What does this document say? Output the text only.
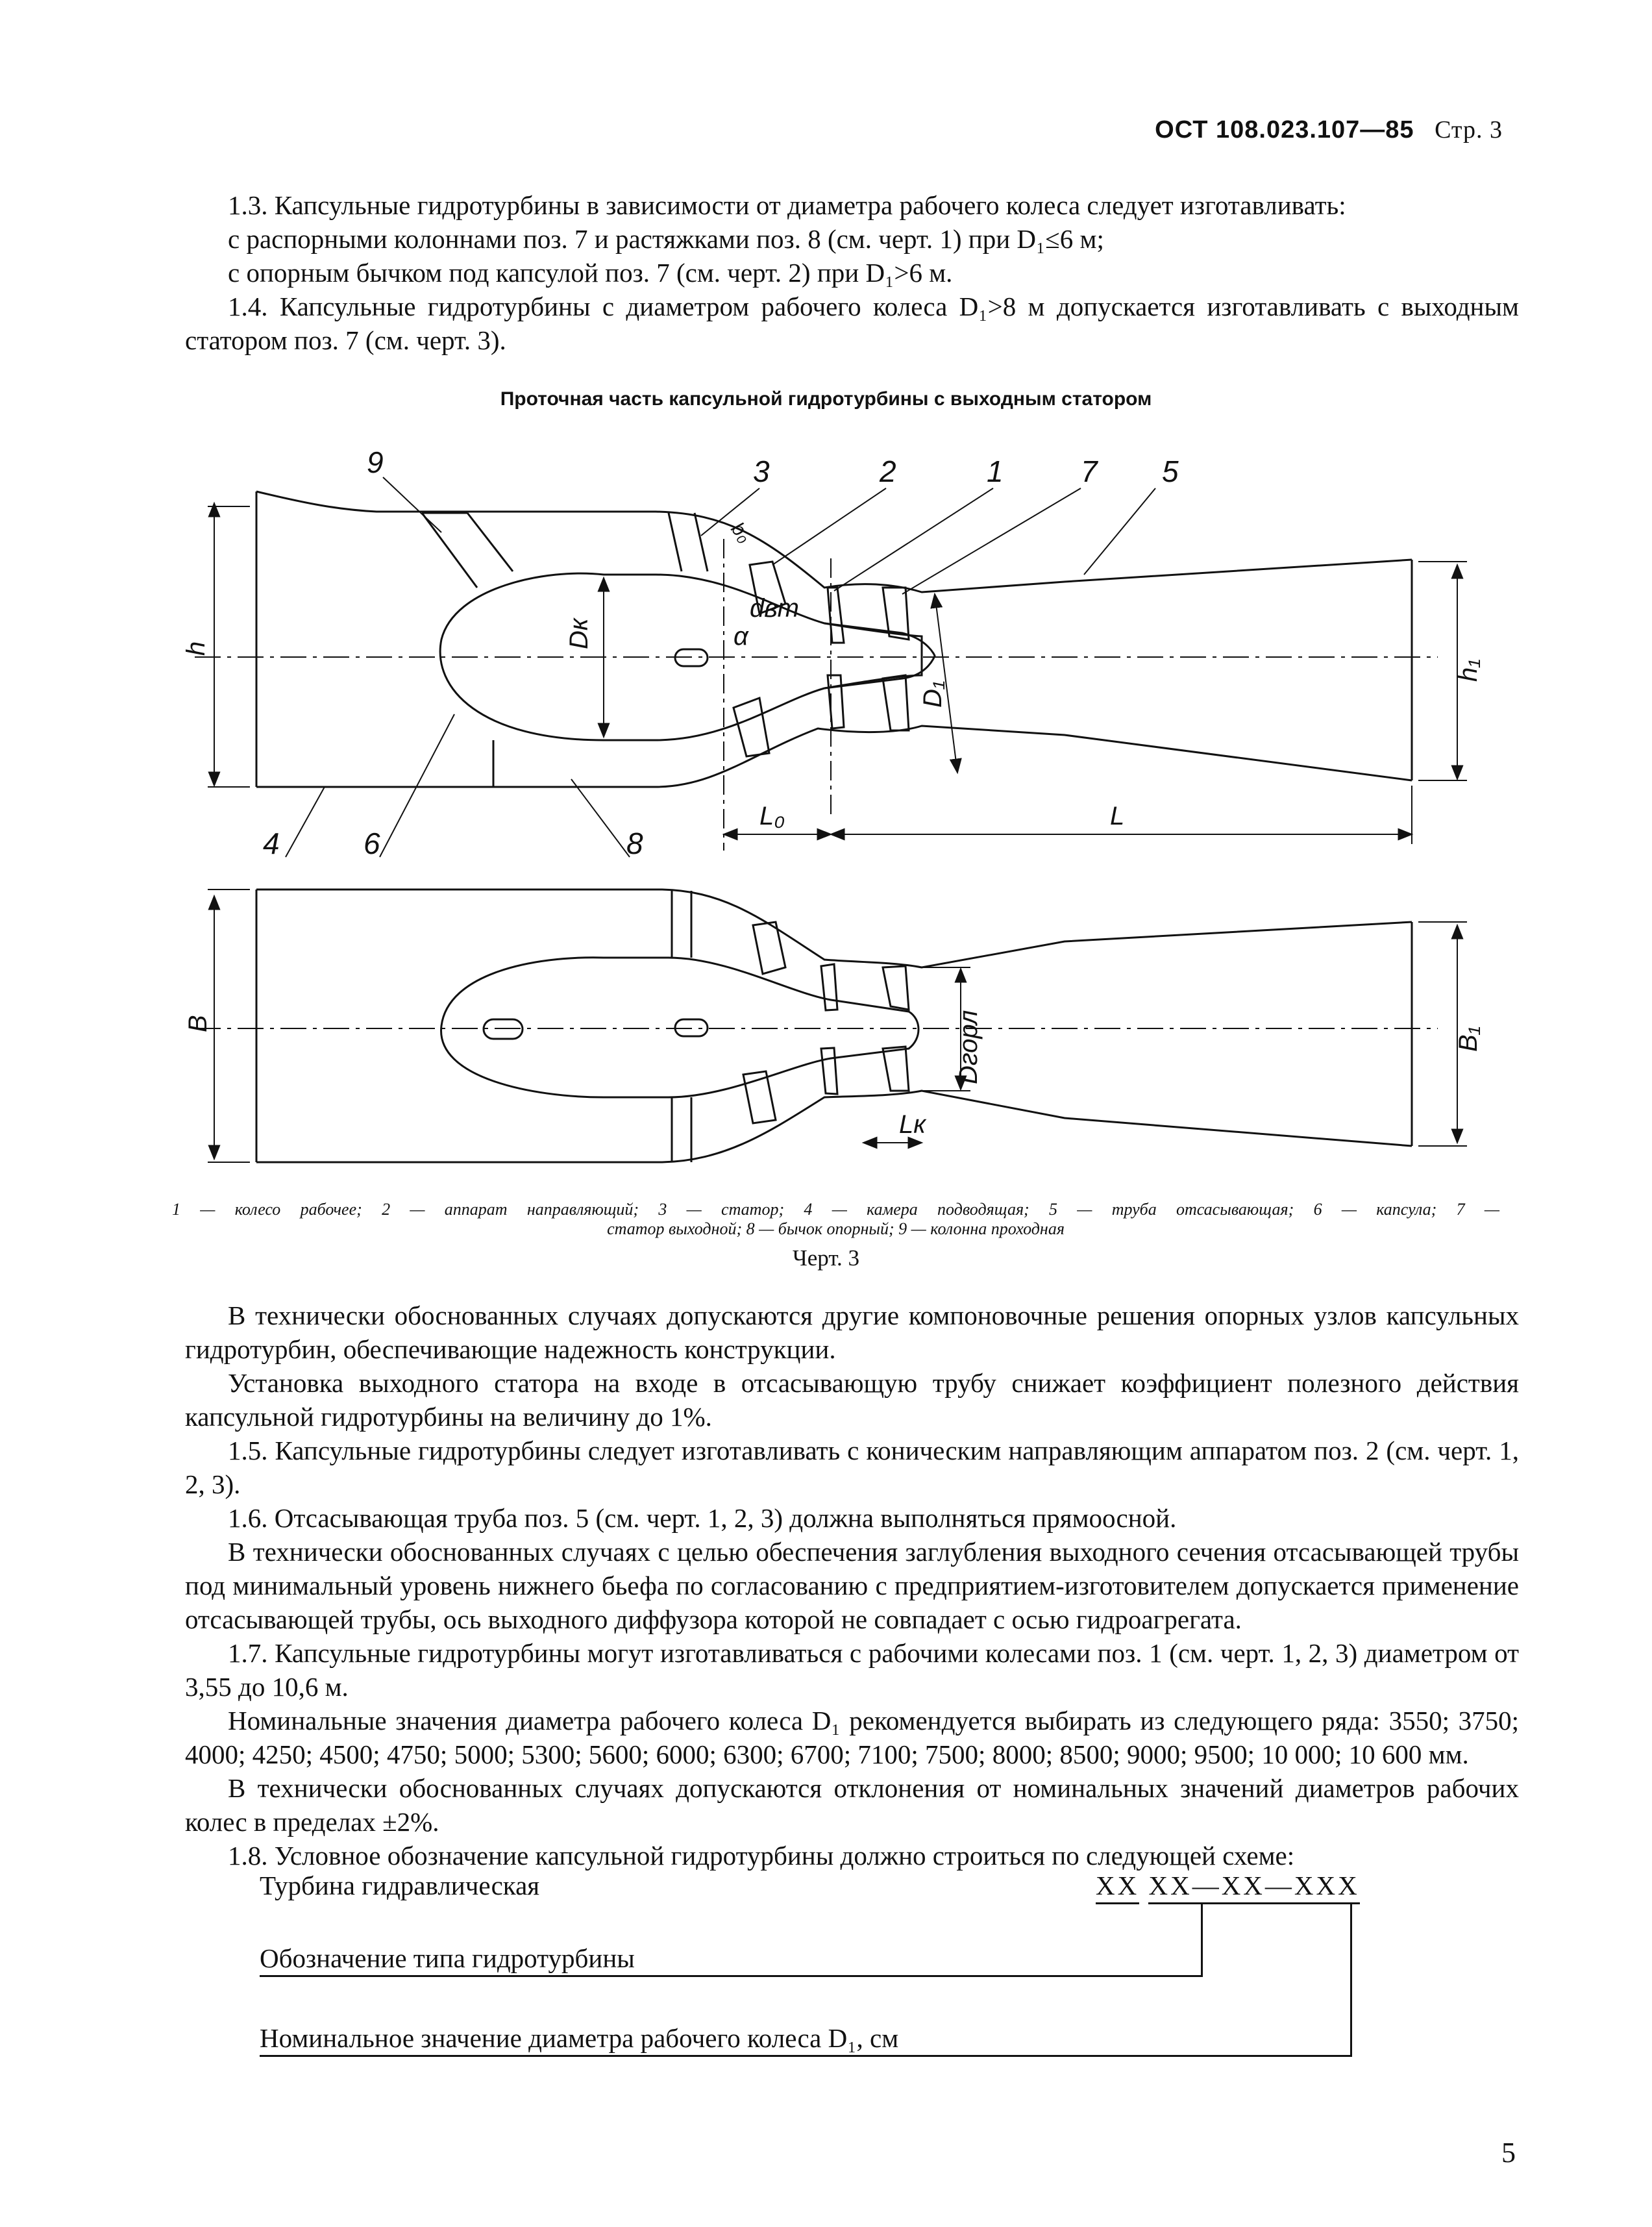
ОСТ 108.023.107—85 Стр. 3

1.3. Капсульные гидротурбины в зависимости от диаметра рабочего колеса следует изготавливать:

с распорными колоннами поз. 7 и растяжками поз. 8 (см. черт. 1) при D₁≤6 м;

с опорным бычком под капсулой поз. 7 (см. черт. 2) при D₁>6 м.

1.4. Капсульные гидротурбины с диаметром рабочего колеса D₁>8 м допускается изготавливать с выходным статором поз. 7 (см. черт. 3).

Проточная часть капсульной гидротурбины с выходным статором
9	3	2	1	7 5
4	6	8
h
h₁
Dк
dвт
α
b₀
D₁
L₀	L
B
B₁
Dгорл
Lк
1 — колесо рабочее; 2 — аппарат направляющий; 3 — статор; 4 — камера подводящая; 5 — труба отсасывающая; 6 — капсула; 7 —
статор выходной; 8 — бычок опорный; 9 — колонна проходная
Черт. 3

В технически обоснованных случаях допускаются другие компоновочные решения опорных узлов капсульных гидротурбин, обеспечивающие надежность конструкции.

Установка выходного статора на входе в отсасывающую трубу снижает коэффициент полезного действия капсульной гидротурбины на величину до 1%.

1.5. Капсульные гидротурбины следует изготавливать с коническим направляющим аппаратом поз. 2 (см. черт. 1, 2, 3).

1.6. Отсасывающая труба поз. 5 (см. черт. 1, 2, 3) должна выполняться прямоосной.

В технически обоснованных случаях с целью обеспечения заглубления выходного сечения отсасывающей трубы под минимальный уровень нижнего бьефа по согласованию с предприятием-изготовителем допускается применение отсасывающей трубы, ось выходного диффузора которой не совпадает с осью гидроагрегата.

1.7. Капсульные гидротурбины могут изготавливаться с рабочими колесами поз. 1 (см. черт. 1, 2, 3) диаметром от 3,55 до 10,6 м.

Номинальные значения диаметра рабочего колеса D₁ рекомендуется выбирать из следующего ряда: 3550; 3750; 4000; 4250; 4500; 4750; 5000; 5300; 5600; 6000; 6300; 6700; 7100; 7500; 8000; 8500; 9000; 9500; 10 000; 10 600 мм.

В технически обоснованных случаях допускаются отклонения от номинальных значений диаметров рабочих колес в пределах ±2%.

1.8. Условное обозначение капсульной гидротурбины должно строиться по следующей схеме:

Турбина гидравлическая	XX XX—XX—XXX
Обозначение типа гидротурбины
Номинальное значение диаметра рабочего колеса D₁, см
5
